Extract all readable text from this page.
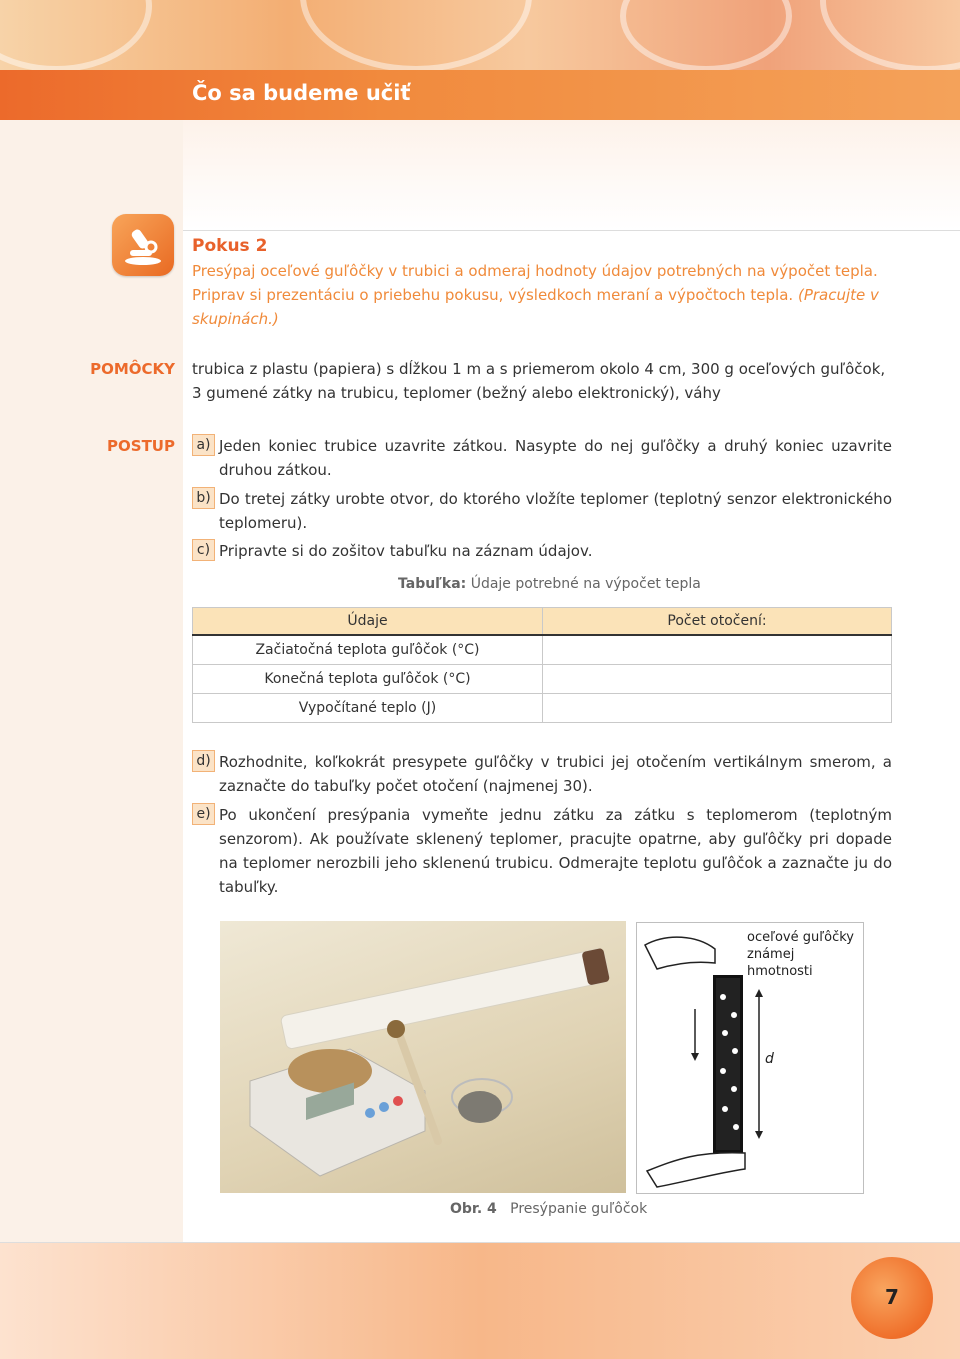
Čo sa budeme učiť
Pokus 2

Presýpaj oceľové guľôčky v trubici a odmeraj hodnoty údajov potrebných na výpočet tepla. Priprav si prezentáciu o priebehu pokusu, výsledkoch meraní a výpočtoch tepla. (Pracujte v skupinách.)

POMÔCKY trubica z plastu (papiera) s dĺžkou 1 m a s priemerom okolo 4 cm, 300 g oceľových guľôčok, 3 gumené zátky na trubicu, teplomer (bežný alebo elektronický), váhy

POSTUP	a) Jeden koniec trubice uzavrite zátkou. Nasypte do nej guľôčky a druhý koniec uzavrite druhou zátkou.
b) Do tretej zátky urobte otvor, do ktorého vložíte teplomer (teplotný senzor elektronického teplomeru).
c) Pripravte si do zošitov tabuľku na záznam údajov.
Tabuľka: Údaje potrebné na výpočet tepla
Údaje	Počet otočení:
Začiatočná teplota guľôčok (°C)	
Konečná teplota guľôčok (°C)	
Vypočítané teplo (J)	
d) Rozhodnite, koľkokrát presypete guľôčky v trubici jej otočením vertikálnym smerom, a zaznačte do tabuľky počet otočení (najmenej 30).
e) Po ukončení presýpania vymeňte jednu zátku za zátku s teplomerom (teplotným senzorom). Ak používate sklenený teplomer, pracujte opatrne, aby guľôčky pri dopade na teplomer nerozbili jeho sklenenú trubicu. Odmerajte teplotu guľôčok a zaznačte ju do tabuľky.
oceľové guľôčky
známej hmotnosti
d
Obr. 4 Presýpanie guľôčok
7
